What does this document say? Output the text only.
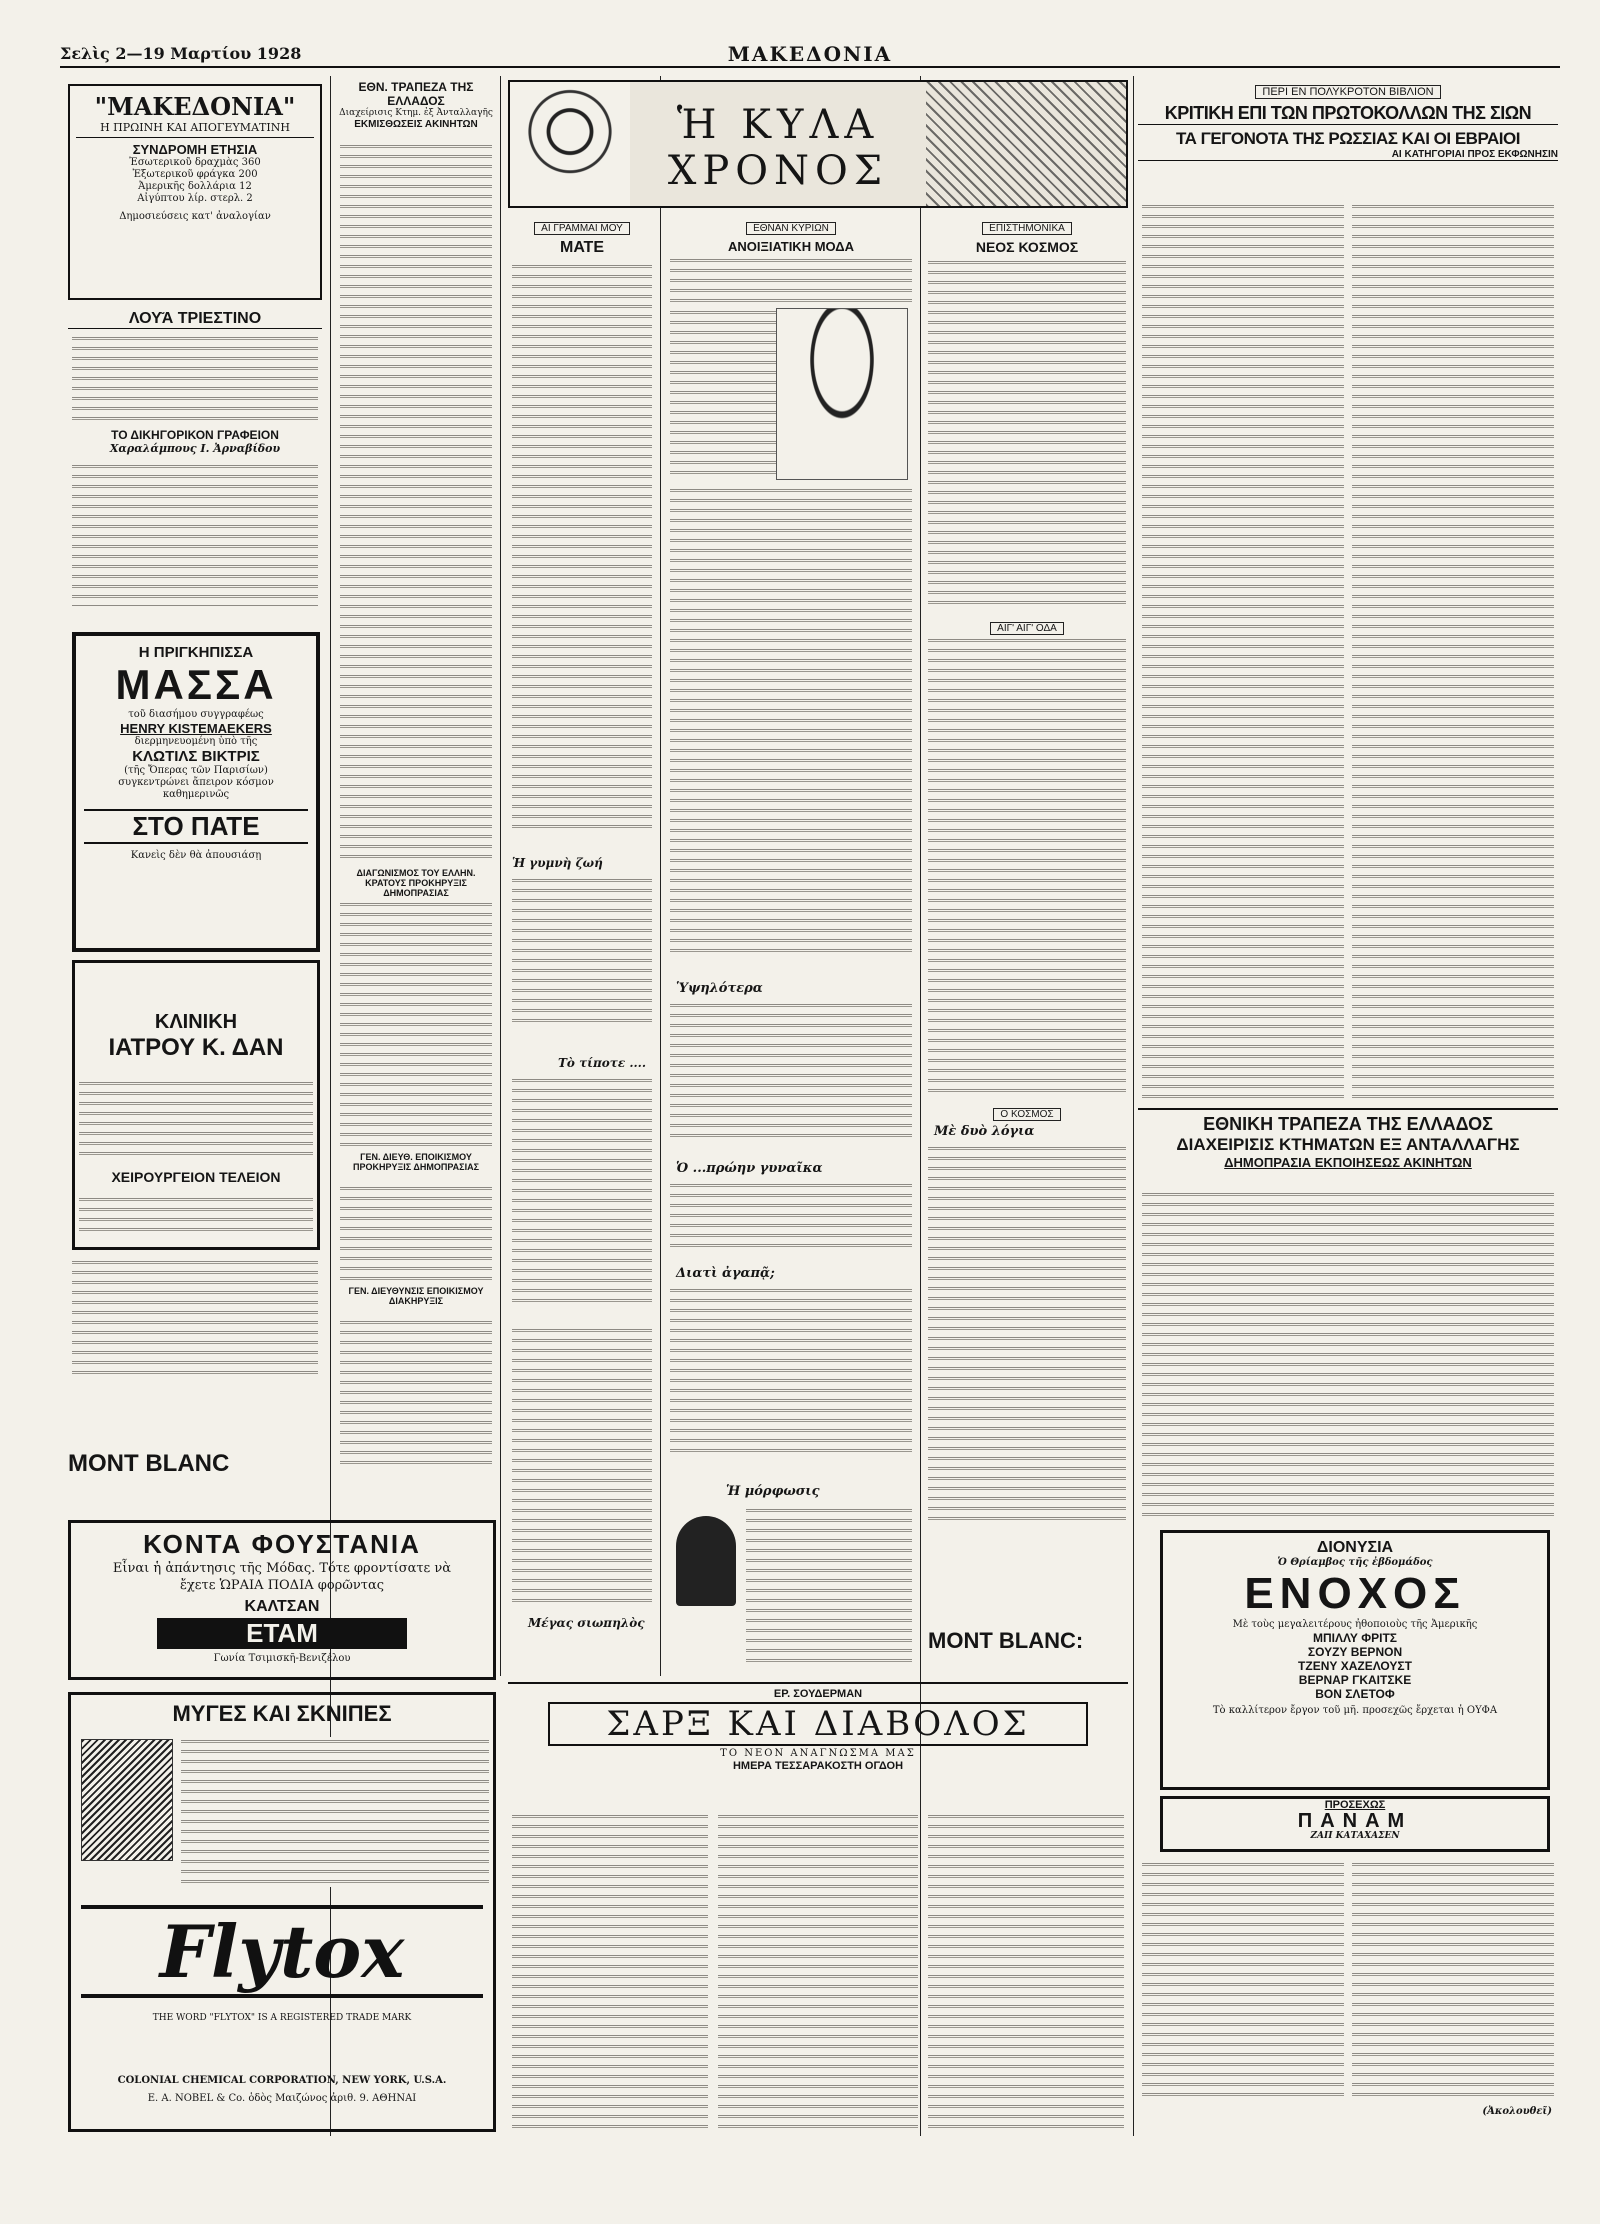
Σελὶς 2—19 Μαρτίου 1928	ΜΑΚΕΔΟΝΙΑ
"ΜΑΚΕΔΟΝΙΑ"
Η ΠΡΩΙΝΗ ΚΑΙ ΑΠΟΓΕΥΜΑΤΙΝΗ
ΣΥΝΔΡΟΜΗ ΕΤΗΣΙΑ
Ἐσωτερικοῦ δραχμὰς 360
Ἐξωτερικοῦ φράγκα 200
Ἀμερικῆς δολλάρια 12
Αἰγύπτου λίρ. στερλ. 2
Δημοσιεύσεις κατ' ἀναλογίαν
ΛΟΥ͂Α ΤΡΙΕΣΤΙΝΟ
ΤΟ ΔΙΚΗΓΟΡΙΚΟΝ ΓΡΑΦΕΙΟΝ
Χαραλάμπους Ι. Ἀρναβίδου
Η ΠΡΙΓΚΗΠΙΣΣΑ
ΜΑΣΣΑ
τοῦ διασήμου συγγραφέως
HENRY KISTEMAEKERS
διερμηνευομένη ὑπὸ τῆς
ΚΛΩΤΙΛΣ ΒΙΚΤΡΙΣ
(τῆς Ὄπερας τῶν Παρισίων)
συγκεντρώνει ἄπειρον κόσμον καθημερινῶς
ΣΤΟ ΠΑΤΕ
Κανεὶς δὲν θὰ ἀπουσιάσῃ
ΚΛΙΝΙΚΗ
ΙΑΤΡΟΥ Κ. ΔΑΝ
ΧΕΙΡΟΥΡΓΕΙΟΝ ΤΕΛΕΙΟΝ
MONT BLANC
ΕΘΝ. ΤΡΑΠΕΖΑ ΤΗΣ ΕΛΛΑΔΟΣ
Διαχείρισις Κτημ. ἐξ Ἀνταλλαγῆς
ΕΚΜΙΣΘΩΣΕΙΣ ΑΚΙΝΗΤΩΝ
ΔΙΑΓΩΝΙΣΜΟΣ ΤΟΥ ΕΛΛΗΝ. ΚΡΑΤΟΥΣ ΠΡΟΚΗΡΥΞΙΣ ΔΗΜΟΠΡΑΣΙΑΣ
ΓΕΝ. ΔΙΕΥΘ. ΕΠΟΙΚΙΣΜΟΥ ΠΡΟΚΗΡΥΞΙΣ ΔΗΜΟΠΡΑΣΙΑΣ
ΓΕΝ. ΔΙΕΥΘΥΝΣΙΣ ΕΠΟΙΚΙΣΜΟΥ ΔΙΑΚΗΡΥΞΙΣ
ΚΟΝΤΑ ΦΟΥΣΤΑΝΙΑ
Εἶναι ἡ ἀπάντησις τῆς Μόδας. Τότε φροντίσατε νὰ ἔχετε ὩΡΑΙΑ ΠΟΔΙΑ φορῶντας
ΚΑΛΤΣΑΝ
ΕΤΑΜ
Γωνία Τσιμισκῆ-Βενιζέλου
ΜΥΓΕΣ ΚΑΙ ΣΚΝΙΠΕΣ
Flytox
THE WORD "FLYTOX" IS A REGISTERED TRADE MARK
COLONIAL CHEMICAL CORPORATION, NEW YORK, U.S.A.
Ε. Α. NOBEL & Co. ὁδὸς Μαιζώνος ἀριθ. 9. ΑΘΗΝΑΙ
Ἡ ΚΥΛΑ ΧΡΟΝΟΣ
ΑΙ ΓΡΑΜΜΑΙ ΜΟΥ
ΜΑΤΕ
Ἡ γυμνὴ ζωή
Τὸ τίποτε ....
Μέγας σιωπηλὸς
ΕΘΝΑΝ ΚΥΡΙΩΝ
ΑΝΟΙΞΙΑΤΙΚΗ ΜΟΔΑ
Ὑψηλότερα
Ὁ ...πρώην γυναῖκα
Διατὶ ἀγαπᾷ;
Ἡ μόρφωσις
ΕΠΙΣΤΗΜΟΝΙΚΑ
ΝΕΟΣ ΚΟΣΜΟΣ
ΑΙΓ' ΑΙΓ' ΟΔΑ
Ο ΚΟΣΜΟΣ
Μὲ δυὸ λόγια
MONT BLANC:
ΕΡ. ΣΟΥΔΕΡΜΑΝ
ΣΑΡΞ ΚΑΙ ΔΙΑΒΟΛΟΣ
ΤΟ ΝΕΟΝ ΑΝΑΓΝΩΣΜΑ ΜΑΣ
ΗΜΕΡΑ ΤΕΣΣΑΡΑΚΟΣΤΗ ΟΓΔΟΗ
ΠΕΡΙ ΕΝ ΠΟΛΥΚΡΟΤΟΝ ΒΙΒΛΙΟΝ
ΚΡΙΤΙΚΗ ΕΠΙ ΤΩΝ ΠΡΩΤΟΚΟΛΛΩΝ ΤΗΣ ΣΙΩΝ
ΤΑ ΓΕΓΟΝΟΤΑ ΤΗΣ ΡΩΣΣΙΑΣ ΚΑΙ ΟΙ ΕΒΡΑΙΟΙ
ΑΙ ΚΑΤΗΓΟΡΙΑΙ ΠΡΟΣ ΕΚΦΩΝΗΣΙΝ
ΕΘΝΙΚΗ ΤΡΑΠΕΖΑ ΤΗΣ ΕΛΛΑΔΟΣ
ΔΙΑΧΕΙΡΙΣΙΣ ΚΤΗΜΑΤΩΝ ΕΞ ΑΝΤΑΛΛΑΓΗΣ
ΔΗΜΟΠΡΑΣΙΑ ΕΚΠΟΙΗΣΕΩΣ ΑΚΙΝΗΤΩΝ
ΔΙΟΝΥΣΙΑ
Ὁ Θρίαμβος τῆς ἐβδομάδος
ΕΝΟΧΟΣ
Μὲ τοὺς μεγαλειτέρους ἠθοποιοὺς τῆς Ἀμερικῆς
ΜΠΙΛΛΥ ΦΡΙΤΣ
ΣΟΥΖΥ ΒΕΡΝΟΝ
ΤΖΕΝΥ ΧΑΖΕΛΟΥΣΤ
ΒΕΡΝΑΡ ΓΚΑΙΤΣΚΕ
ΒΟΝ ΣΛΕΤΟΦ
Τὸ καλλίτερον ἔργον τοῦ μῆ. προσεχῶς ἔρχεται ἡ ΟΥΦΑ
ΠΡΟΣΕΧΩΣ
ΠΑΝΑΜ
ΖΑΠ ΚΑΤΑΧΑΣΕΝ
(Ἀκολουθεῖ)
